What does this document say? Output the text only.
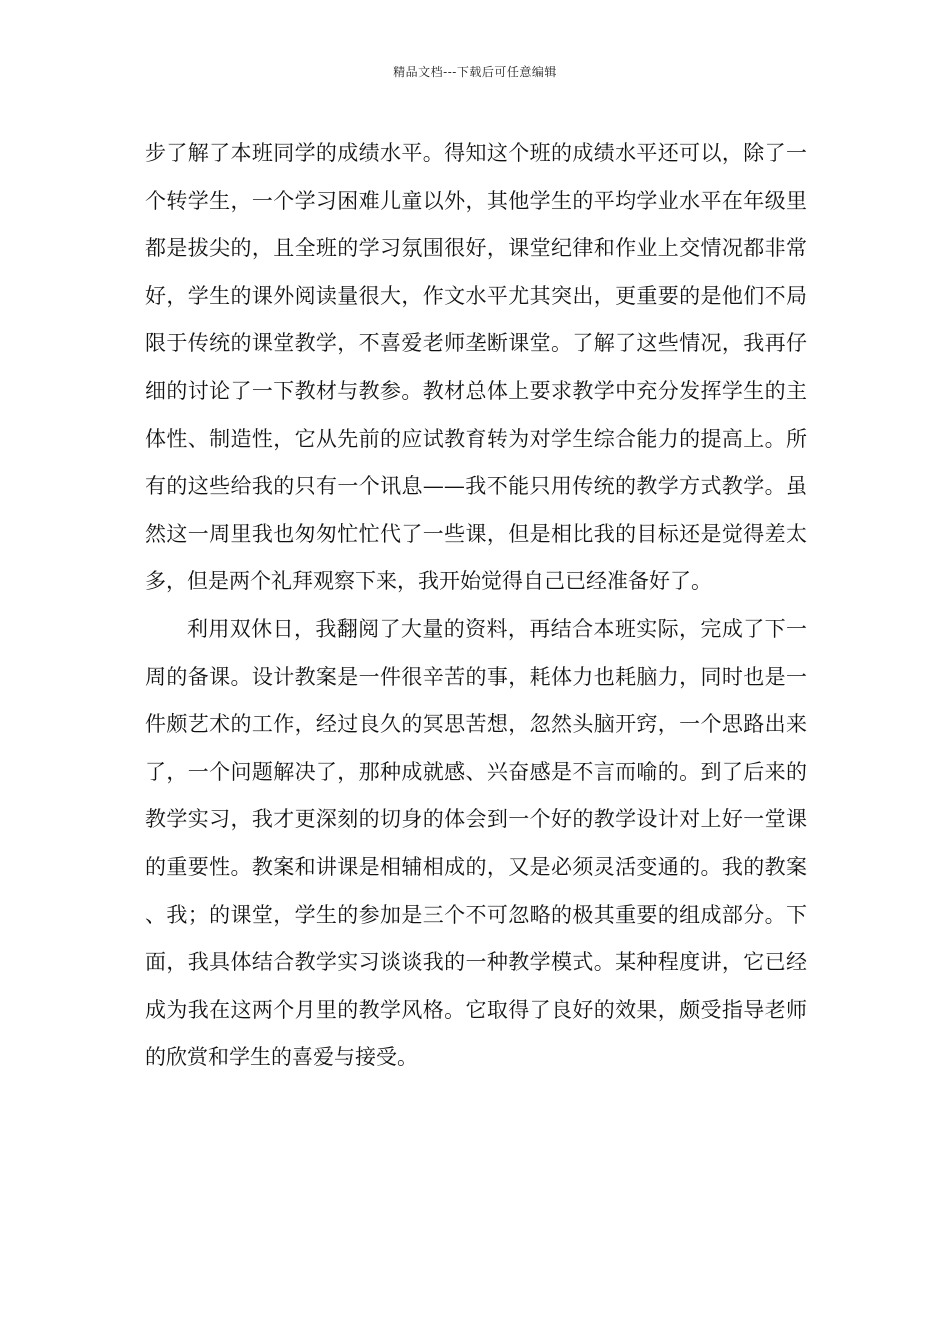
精品文档---下载后可任意编辑

步了解了本班同学的成绩水平。得知这个班的成绩水平还可以，除了一个转学生，一个学习困难儿童以外，其他学生的平均学业水平在年级里都是拔尖的，且全班的学习氛围很好，课堂纪律和作业上交情况都非常好，学生的课外阅读量很大，作文水平尤其突出，更重要的是他们不局限于传统的课堂教学，不喜爱老师垄断课堂。了解了这些情况，我再仔细的讨论了一下教材与教参。教材总体上要求教学中充分发挥学生的主体性、制造性，它从先前的应试教育转为对学生综合能力的提高上。所有的这些给我的只有一个讯息——我不能只用传统的教学方式教学。虽然这一周里我也匆匆忙忙代了一些课，但是相比我的目标还是觉得差太多，但是两个礼拜观察下来，我开始觉得自己已经准备好了。

利用双休日，我翻阅了大量的资料，再结合本班实际，完成了下一周的备课。设计教案是一件很辛苦的事，耗体力也耗脑力，同时也是一件颇艺术的工作，经过良久的冥思苦想，忽然头脑开窍，一个思路出来了，一个问题解决了，那种成就感、兴奋感是不言而喻的。到了后来的教学实习，我才更深刻的切身的体会到一个好的教学设计对上好一堂课的重要性。教案和讲课是相辅相成的，又是必须灵活变通的。我的教案、我；的课堂，学生的参加是三个不可忽略的极其重要的组成部分。下面，我具体结合教学实习谈谈我的一种教学模式。某种程度讲，它已经成为我在这两个月里的教学风格。它取得了良好的效果，颇受指导老师的欣赏和学生的喜爱与接受。
